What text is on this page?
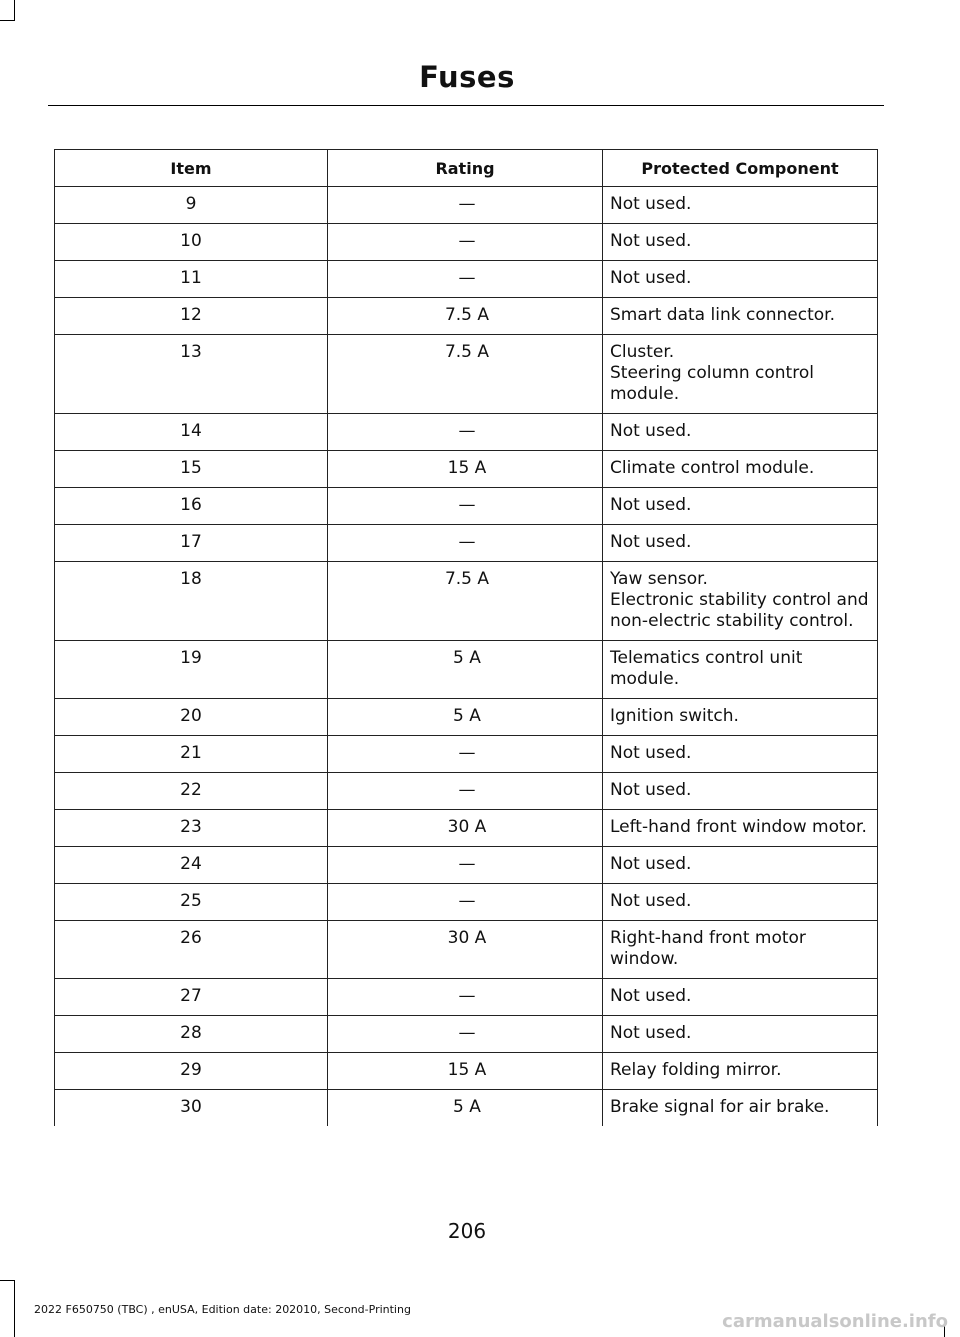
Fuses
Item	Rating	Protected Component
9	—	Not used.
10	—	Not used.
11	—	Not used.
12	7.5 A	Smart data link connector.
13	7.5 A	Cluster.
Steering column control module.
14	—	Not used.
15	15 A	Climate control module.
16	—	Not used.
17	—	Not used.
18	7.5 A	Yaw sensor.
Electronic stability control and non-electric stability control.
19	5 A	Telematics control unit module.
20	5 A	Ignition switch.
21	—	Not used.
22	—	Not used.
23	30 A	Left-hand front window motor.
24	—	Not used.
25	—	Not used.
26	30 A	Right-hand front motor window.
27	—	Not used.
28	—	Not used.
29	15 A	Relay folding mirror.
30	5 A	Brake signal for air brake.
206
2022 F650750 (TBC) , enUSA, Edition date: 202010, Second-Printing
carmanualsonline.info
